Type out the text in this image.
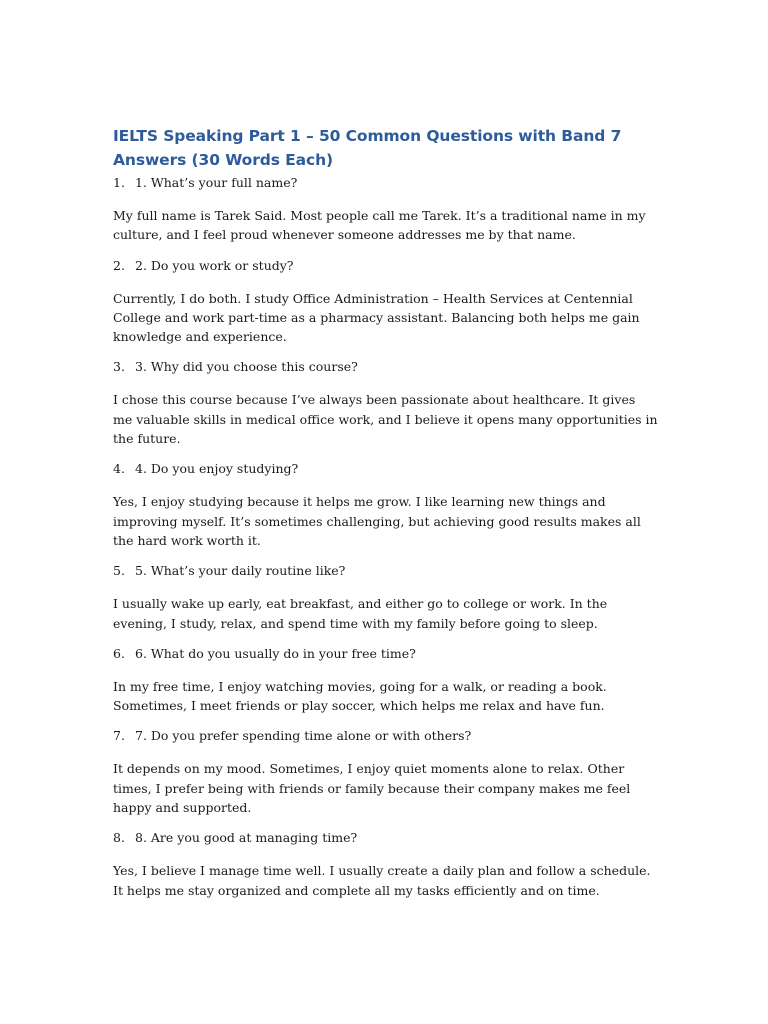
IELTS Speaking Part 1 – 50 Common Questions with Band 7 Answers (30 Words Each)

1. 1. What’s your full name?

My full name is Tarek Said. Most people call me Tarek. It’s a traditional name in my culture, and I feel proud whenever someone addresses me by that name.

2. 2. Do you work or study?

Currently, I do both. I study Office Administration – Health Services at Centennial College and work part-time as a pharmacy assistant. Balancing both helps me gain knowledge and experience.

3. 3. Why did you choose this course?

I chose this course because I’ve always been passionate about healthcare. It gives me valuable skills in medical office work, and I believe it opens many opportunities in the future.

4. 4. Do you enjoy studying?

Yes, I enjoy studying because it helps me grow. I like learning new things and improving myself. It’s sometimes challenging, but achieving good results makes all the hard work worth it.

5. 5. What’s your daily routine like?

I usually wake up early, eat breakfast, and either go to college or work. In the evening, I study, relax, and spend time with my family before going to sleep.

6. 6. What do you usually do in your free time?

In my free time, I enjoy watching movies, going for a walk, or reading a book. Sometimes, I meet friends or play soccer, which helps me relax and have fun.

7. 7. Do you prefer spending time alone or with others?

It depends on my mood. Sometimes, I enjoy quiet moments alone to relax. Other times, I prefer being with friends or family because their company makes me feel happy and supported.

8. 8. Are you good at managing time?

Yes, I believe I manage time well. I usually create a daily plan and follow a schedule. It helps me stay organized and complete all my tasks efficiently and on time.
